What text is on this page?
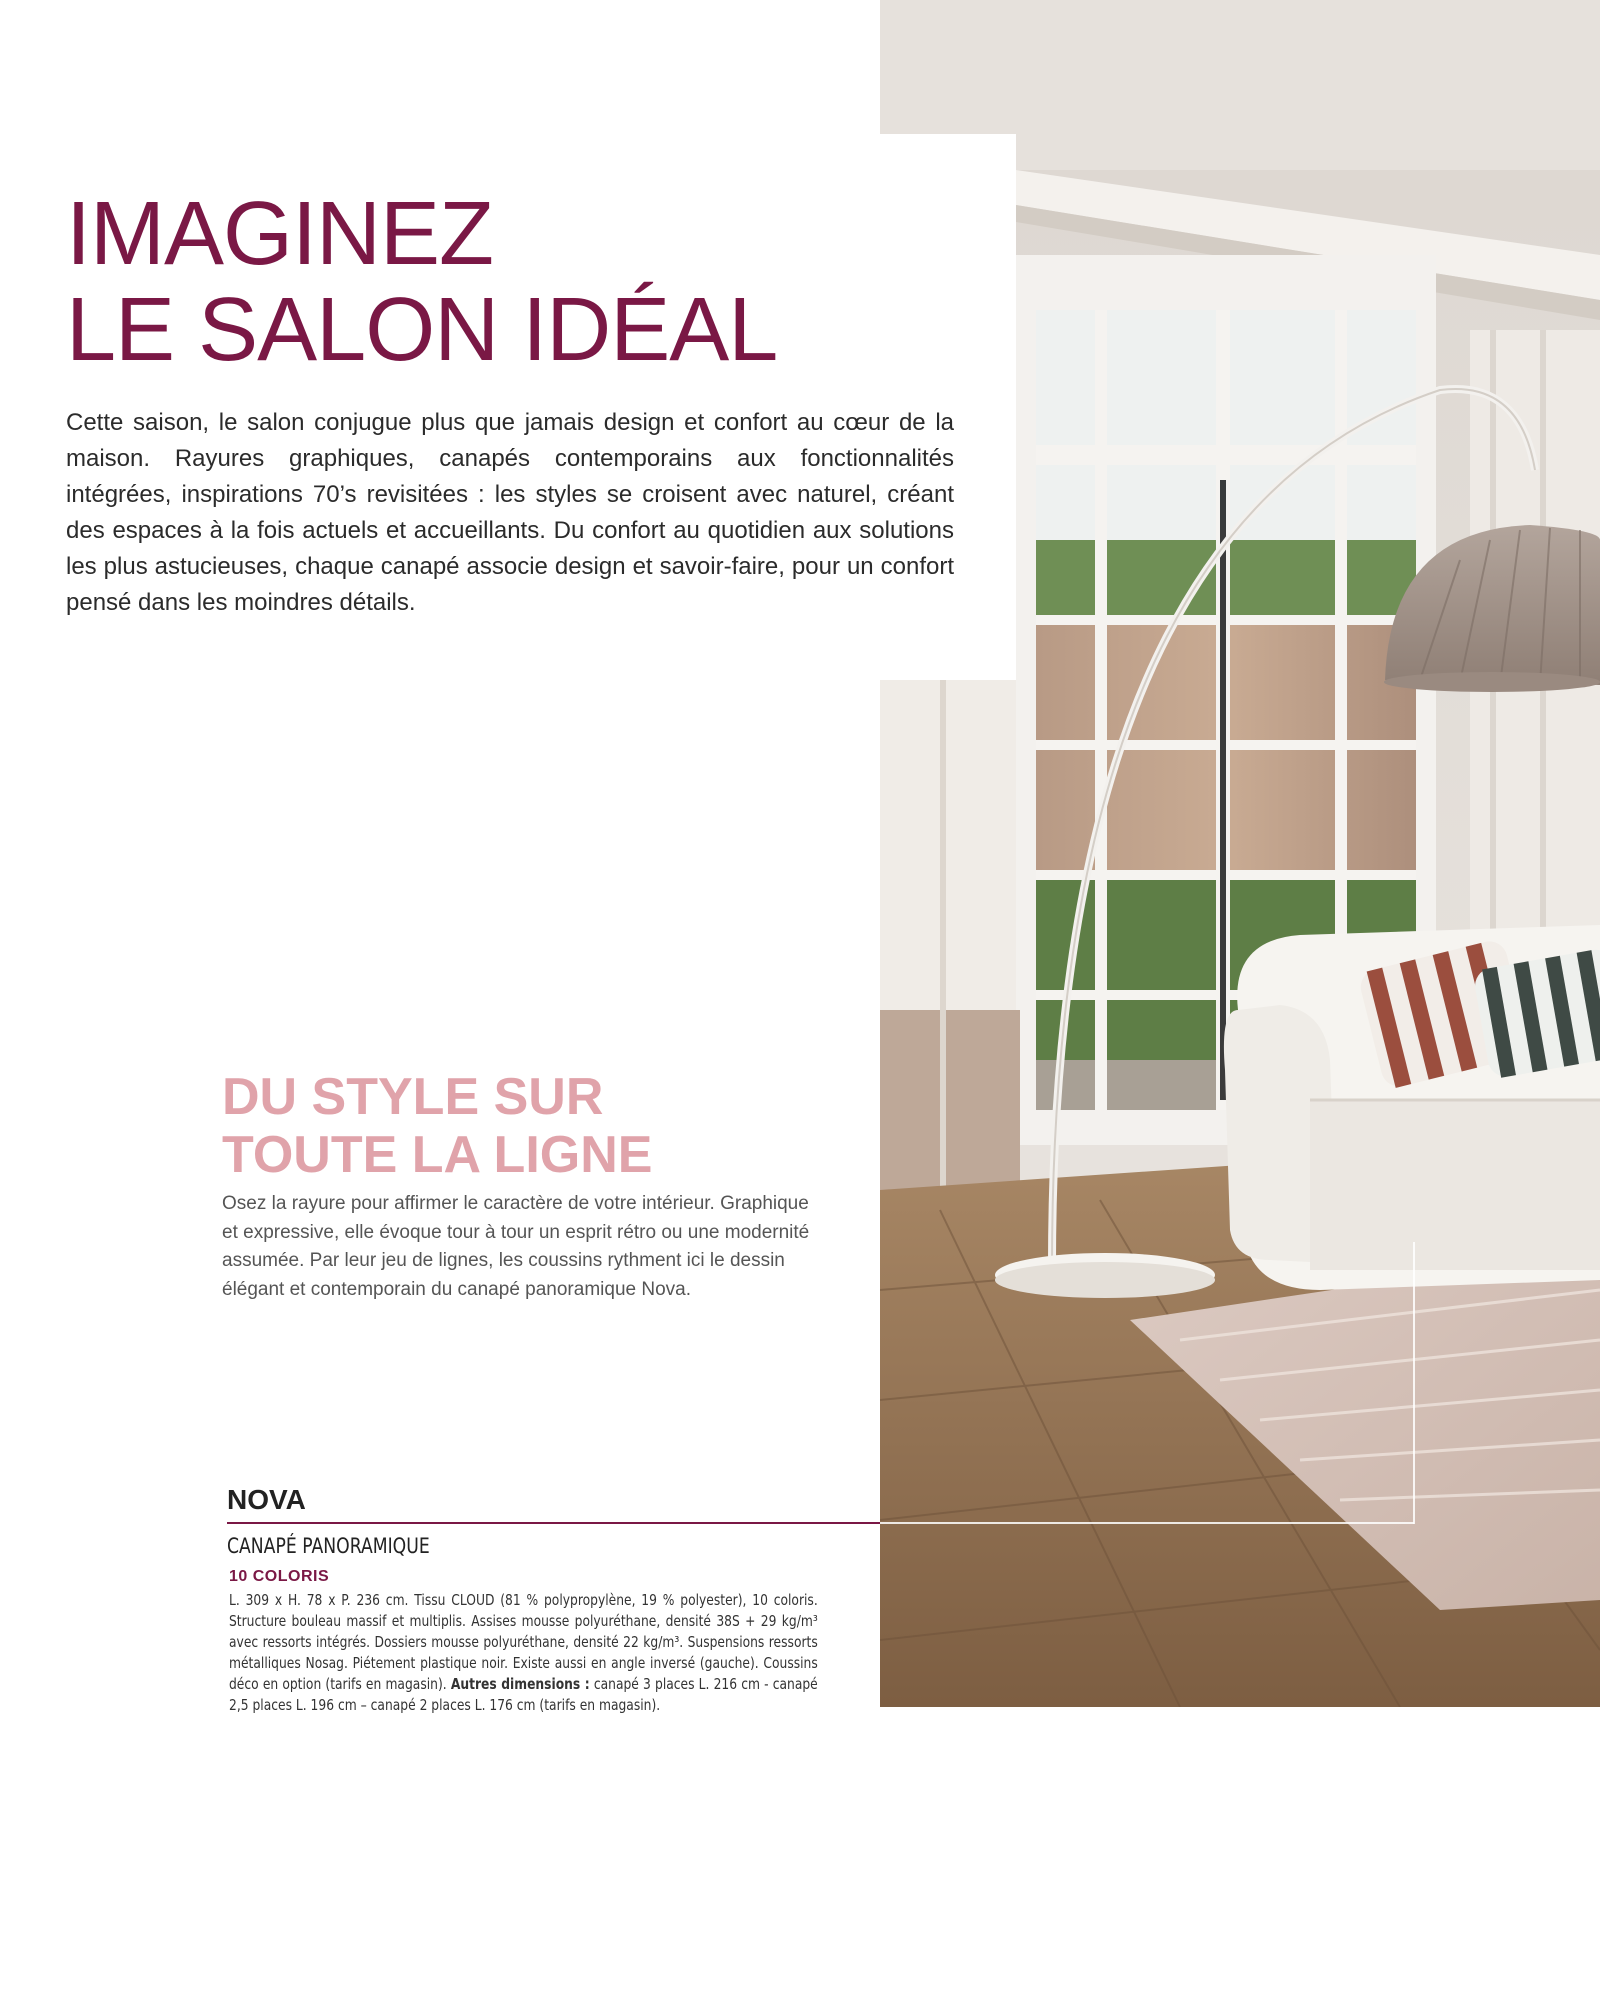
IMAGINEZ
LE SALON IDÉAL

Cette saison, le salon conjugue plus que jamais design et confort au cœur de la maison. Rayures graphiques, canapés contemporains aux fonctionnalités intégrées, inspirations 70’s revisitées : les styles se croisent avec naturel, créant des espaces à la fois actuels et accueillants. Du confort au quotidien aux solutions les plus astucieuses, chaque canapé associe design et savoir-faire, pour un confort pensé dans les moindres détails.

DU STYLE SUR
TOUTE LA LIGNE

Osez la rayure pour affirmer le caractère de votre intérieur. Graphique et expressive, elle évoque tour à tour un esprit rétro ou une modernité assumée. Par leur jeu de lignes, les coussins rythment ici le dessin élégant et contemporain du canapé panoramique Nova.

NOVA

CANAPÉ PANORAMIQUE

10 COLORIS

L. 309 x H. 78 x P. 236 cm. Tissu CLOUD (81 % polypropylène, 19 % polyester), 10 coloris. Structure bouleau massif et multiplis. Assises mousse polyuréthane, densité 38S + 29 kg/m³ avec ressorts intégrés. Dossiers mousse polyuréthane, densité 22 kg/m³. Suspensions ressorts métalliques Nosag. Piétement plastique noir. Existe aussi en angle inversé (gauche). Coussins déco en option (tarifs en magasin). Autres dimensions : canapé 3 places L. 216 cm - canapé 2,5 places L. 196 cm – canapé 2 places L. 176 cm (tarifs en magasin).
